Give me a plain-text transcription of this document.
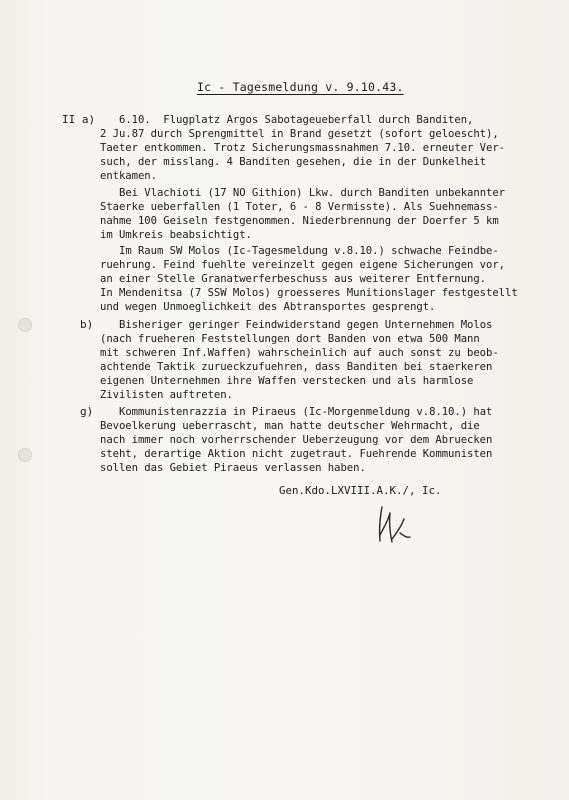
Ic - Tagesmeldung v. 9.10.43.
II a) 6.10.  Flugplatz Argos Sabotageueberfall durch Banditen,
2 Ju.87 durch Sprengmittel in Brand gesetzt (sofort geloescht),
Taeter entkommen. Trotz Sicherungsmassnahmen 7.10. erneuter Ver-
such, der misslang. 4 Banditen gesehen, die in der Dunkelheit
entkamen.
Bei Vlachioti (17 NO Githion) Lkw. durch Banditen unbekannter
Staerke ueberfallen (1 Toter, 6 - 8 Vermisste). Als Suehnemass-
nahme 100 Geiseln festgenommen. Niederbrennung der Doerfer 5 km
im Umkreis beabsichtigt.
Im Raum SW Molos (Ic-Tagesmeldung v.8.10.) schwache Feindbe-
ruehrung. Feind fuehlte vereinzelt gegen eigene Sicherungen vor,
an einer Stelle Granatwerferbeschuss aus weiterer Entfernung.
In Mendenitsa (7 SSW Molos) groesseres Munitionslager festgestellt
und wegen Unmoeglichkeit des Abtransportes gesprengt.
b) Bisheriger geringer Feindwiderstand gegen Unternehmen Molos
(nach frueheren Feststellungen dort Banden von etwa 500 Mann
mit schweren Inf.Waffen) wahrscheinlich auf auch sonst zu beob-
achtende Taktik zurueckzufuehren, dass Banditen bei staerkeren
eigenen Unternehmen ihre Waffen verstecken und als harmlose
Zivilisten auftreten.
g) Kommunistenrazzia in Piraeus (Ic-Morgenmeldung v.8.10.) hat
Bevoelkerung ueberrascht, man hatte deutscher Wehrmacht, die
nach immer noch vorherrschender Ueberzeugung vor dem Abruecken
steht, derartige Aktion nicht zugetraut. Fuehrende Kommunisten
sollen das Gebiet Piraeus verlassen haben.
Gen.Kdo.LXVIII.A.K./, Ic.
